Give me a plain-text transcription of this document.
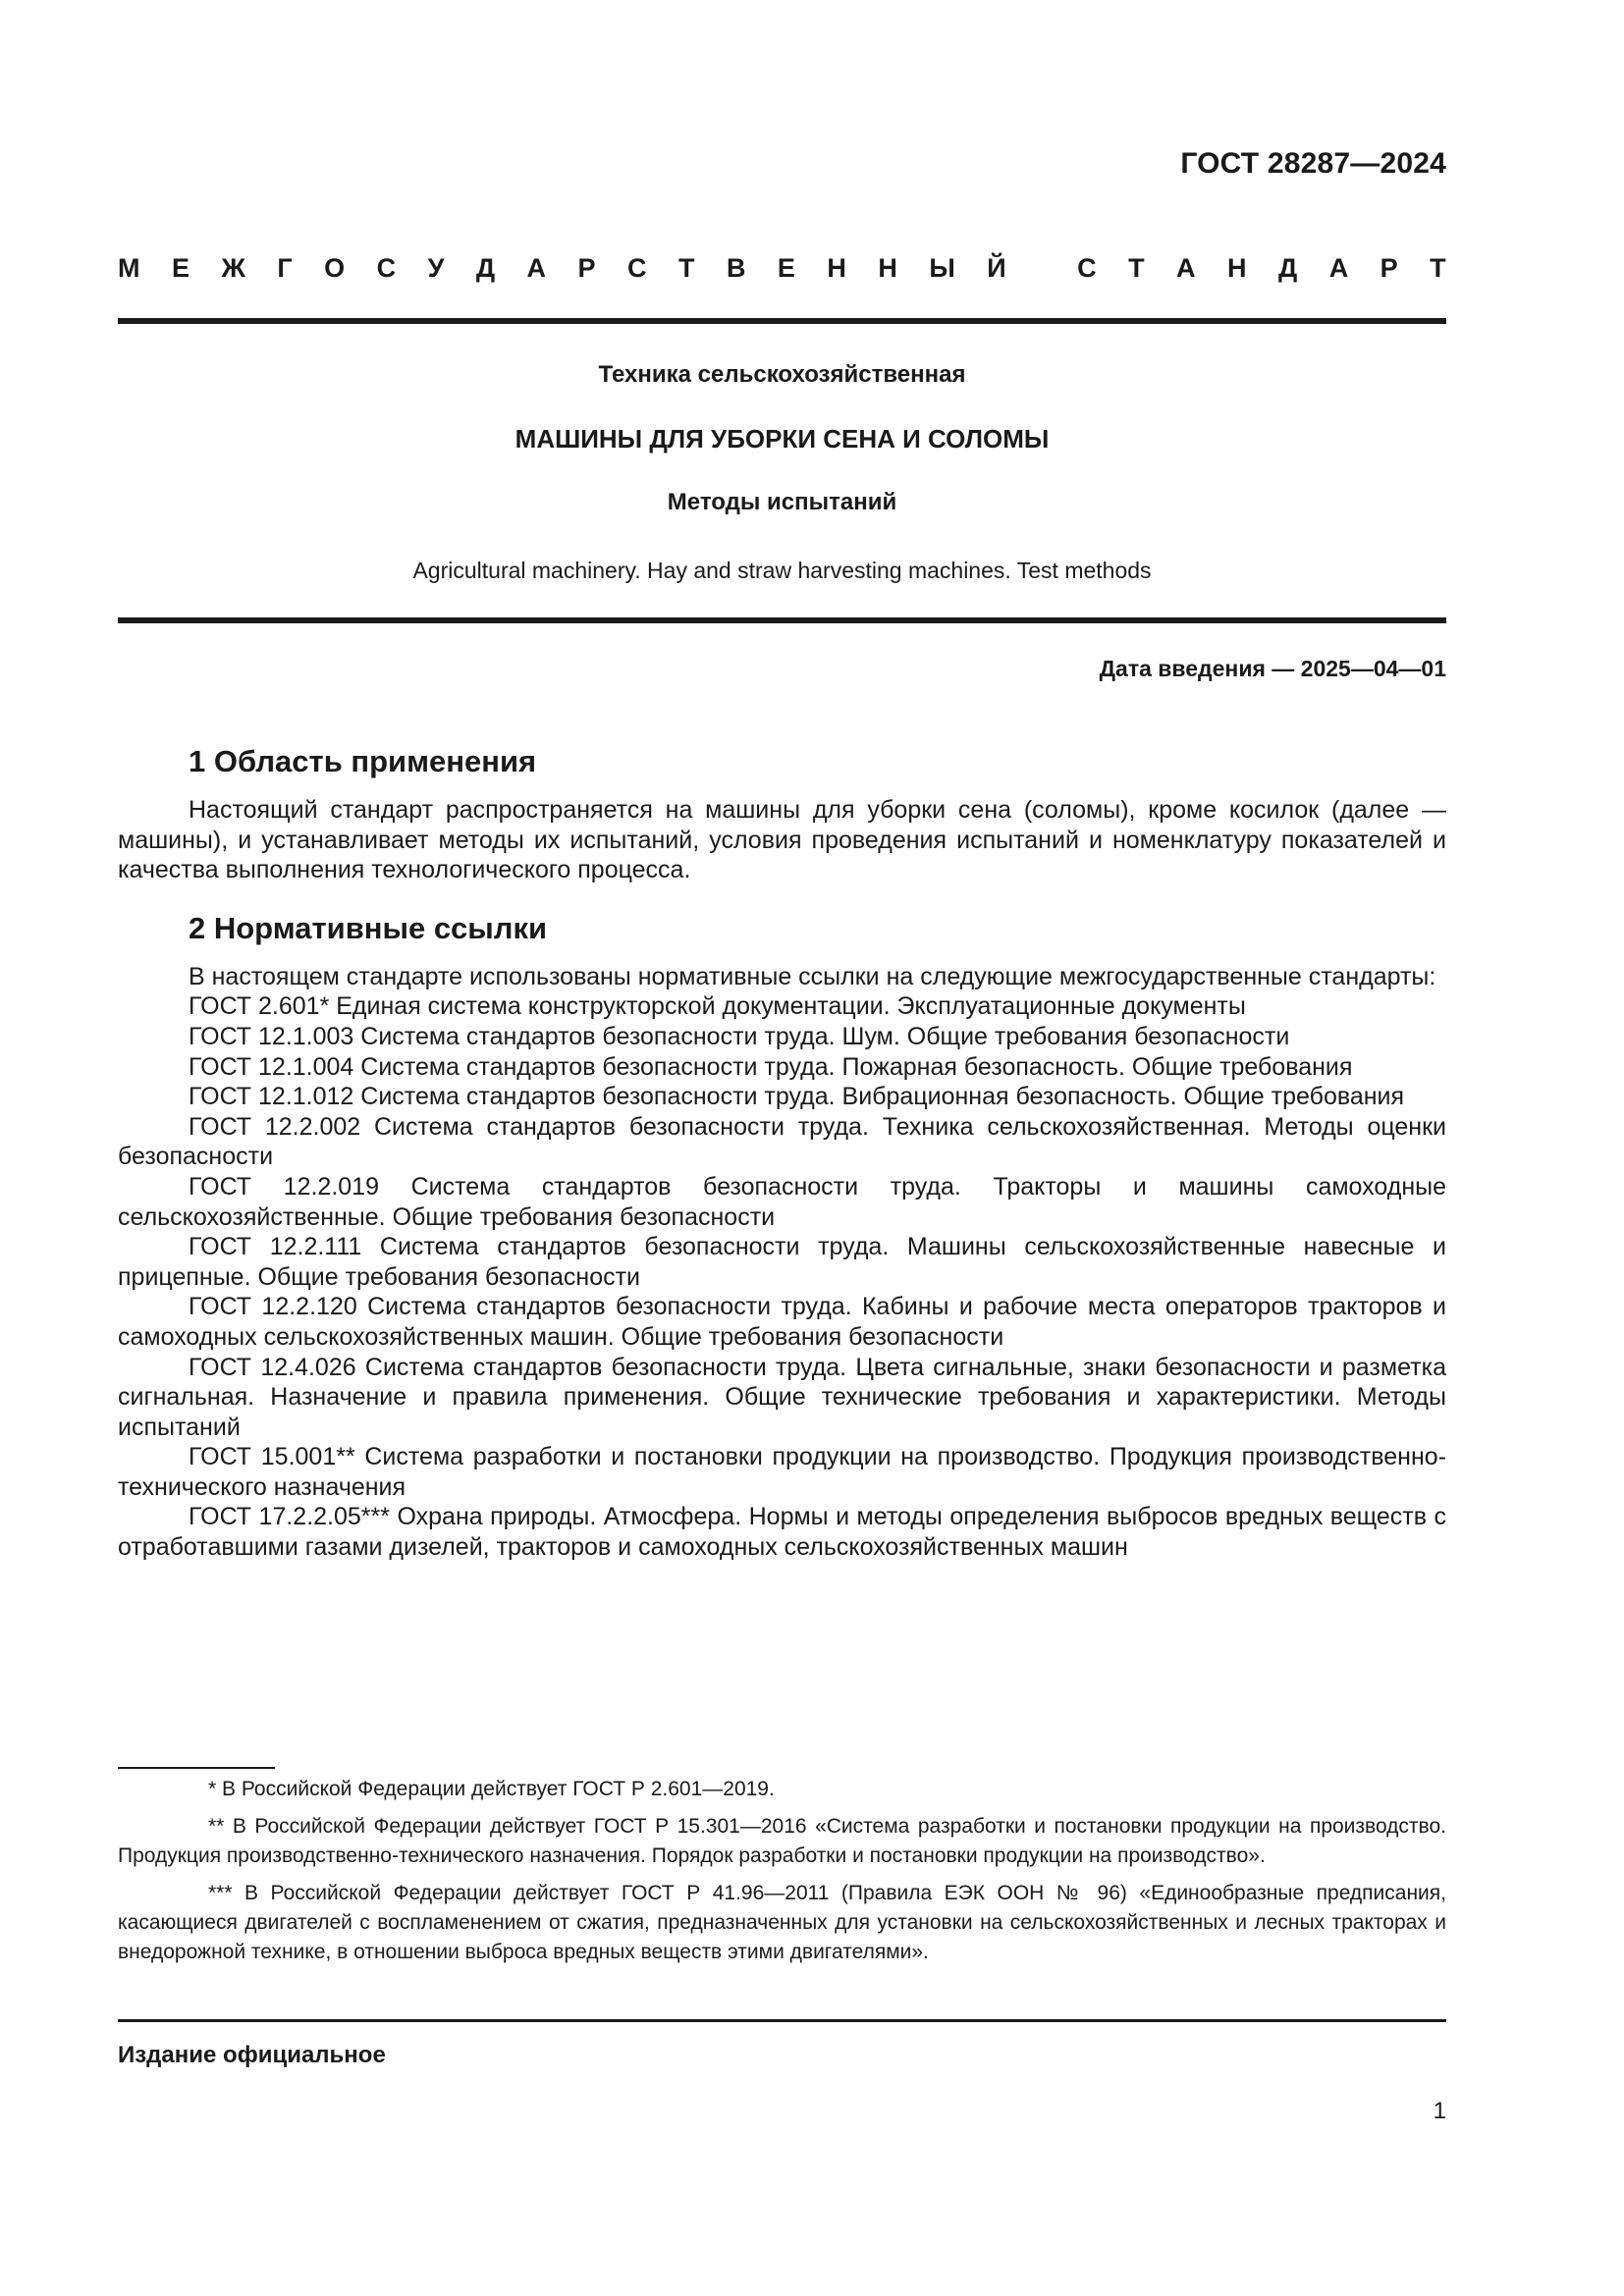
ГОСТ 28287—2024
М Е Ж Г О С У Д А Р С Т В Е Н Н Ы Й
	С Т А Н Д А Р Т
Техника сельскохозяйственная
МАШИНЫ ДЛЯ УБОРКИ СЕНА И СОЛОМЫ
Методы испытаний
Agricultural machinery. Hay and straw harvesting machines. Test methods
Дата введения — 2025—04—01
1 Область применения

Настоящий стандарт распространяется на машины для уборки сена (соломы), кроме косилок (далее — машины), и устанавливает методы их испытаний, условия проведения испытаний и номенклатуру показателей и качества выполнения технологического процесса.

2 Нормативные ссылки

В настоящем стандарте использованы нормативные ссылки на следующие межгосударственные стандарты:

ГОСТ 2.601* Единая система конструкторской документации. Эксплуатационные документы

ГОСТ 12.1.003 Система стандартов безопасности труда. Шум. Общие требования безопасности

ГОСТ 12.1.004 Система стандартов безопасности труда. Пожарная безопасность. Общие требования

ГОСТ 12.1.012 Система стандартов безопасности труда. Вибрационная безопасность. Общие требования

ГОСТ 12.2.002 Система стандартов безопасности труда. Техника сельскохозяйственная. Методы оценки безопасности

ГОСТ 12.2.019 Система стандартов безопасности труда. Тракторы и машины самоходные сельскохозяйственные. Общие требования безопасности

ГОСТ 12.2.111 Система стандартов безопасности труда. Машины сельскохозяйственные навесные и прицепные. Общие требования безопасности

ГОСТ 12.2.120 Система стандартов безопасности труда. Кабины и рабочие места операторов тракторов и самоходных сельскохозяйственных машин. Общие требования безопасности

ГОСТ 12.4.026 Система стандартов безопасности труда. Цвета сигнальные, знаки безопасности и разметка сигнальная. Назначение и правила применения. Общие технические требования и характеристики. Методы испытаний

ГОСТ 15.001** Система разработки и постановки продукции на производство. Продукция производственно-технического назначения

ГОСТ 17.2.2.05*** Охрана природы. Атмосфера. Нормы и методы определения выбросов вредных веществ с отработавшими газами дизелей, тракторов и самоходных сельскохозяйственных машин

* В Российской Федерации действует ГОСТ Р 2.601—2019.

** В Российской Федерации действует ГОСТ Р 15.301—2016 «Система разработки и постановки продукции на производство. Продукция производственно-технического назначения. Порядок разработки и постановки продукции на производство».

*** В Российской Федерации действует ГОСТ Р 41.96—2011 (Правила ЕЭК ООН № 96) «Единообразные предписания, касающиеся двигателей с воспламенением от сжатия, предназначенных для установки на сельскохозяйственных и лесных тракторах и внедорожной технике, в отношении выброса вредных веществ этими двигателями».

Издание официальное
1
